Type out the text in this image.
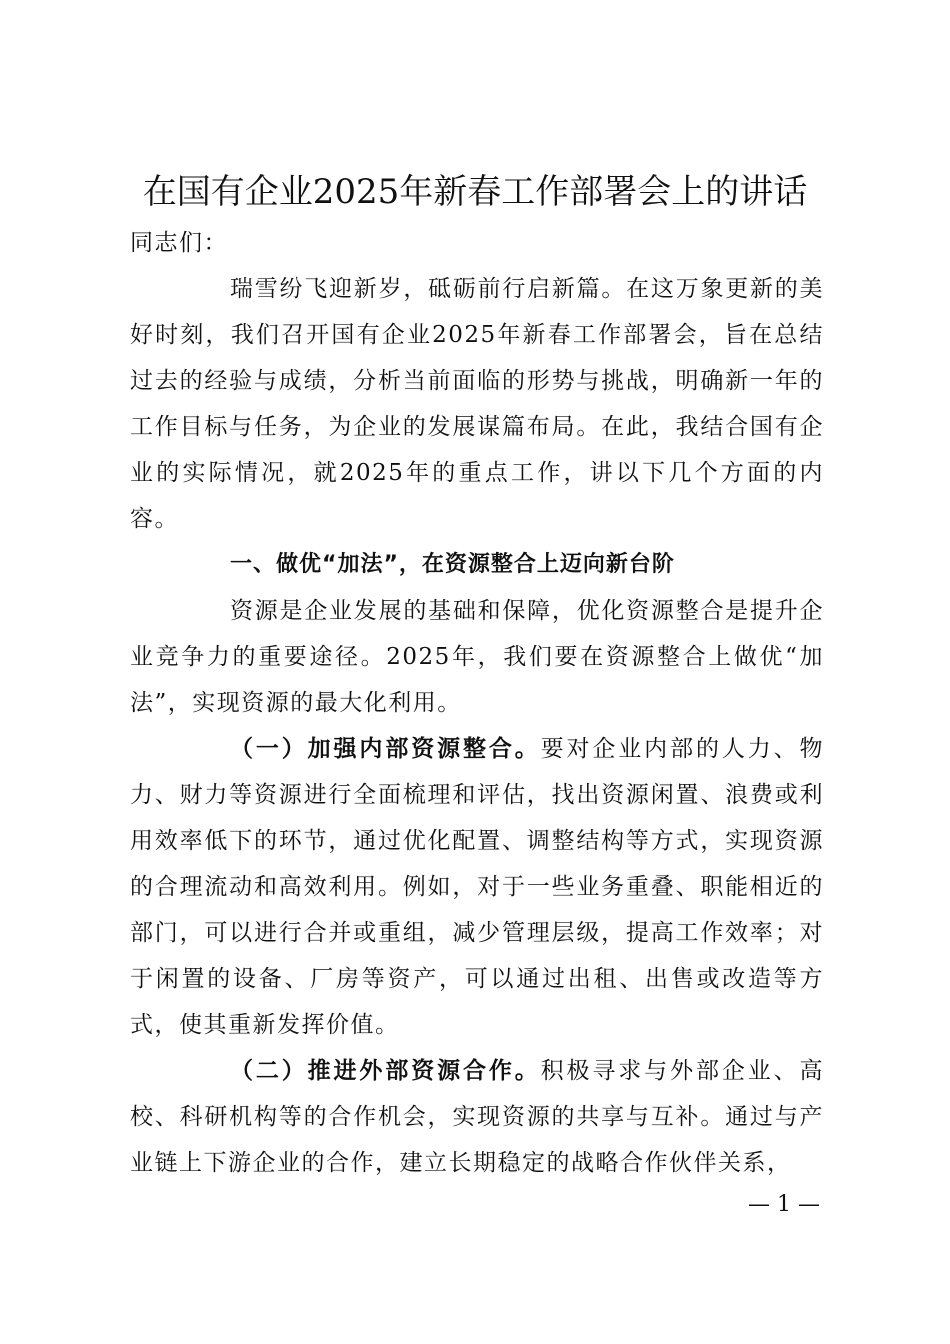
在国有企业2025年新春工作部署会上的讲话
同志们：
瑞雪纷飞迎新岁，砥砺前行启新篇。在这万象更新的美好时刻，我们召开国有企业2025年新春工作部署会，旨在总结过去的经验与成绩，分析当前面临的形势与挑战，明确新一年的工作目标与任务，为企业的发展谋篇布局。在此，我结合国有企业的实际情况，就2025年的重点工作，讲以下几个方面的内容。
一、做优“加法”，在资源整合上迈向新台阶
资源是企业发展的基础和保障，优化资源整合是提升企业竞争力的重要途径。2025年，我们要在资源整合上做优“加法”，实现资源的最大化利用。
（一）加强内部资源整合。要对企业内部的人力、物力、财力等资源进行全面梳理和评估，找出资源闲置、浪费或利用效率低下的环节，通过优化配置、调整结构等方式，实现资源的合理流动和高效利用。例如，对于一些业务重叠、职能相近的部门，可以进行合并或重组，减少管理层级，提高工作效率；对于闲置的设备、厂房等资产，可以通过出租、出售或改造等方式，使其重新发挥价值。
（二）推进外部资源合作。积极寻求与外部企业、高校、科研机构等的合作机会，实现资源的共享与互补。通过与产业链上下游企业的合作，建立长期稳定的战略合作伙伴关系，
— 1 —
